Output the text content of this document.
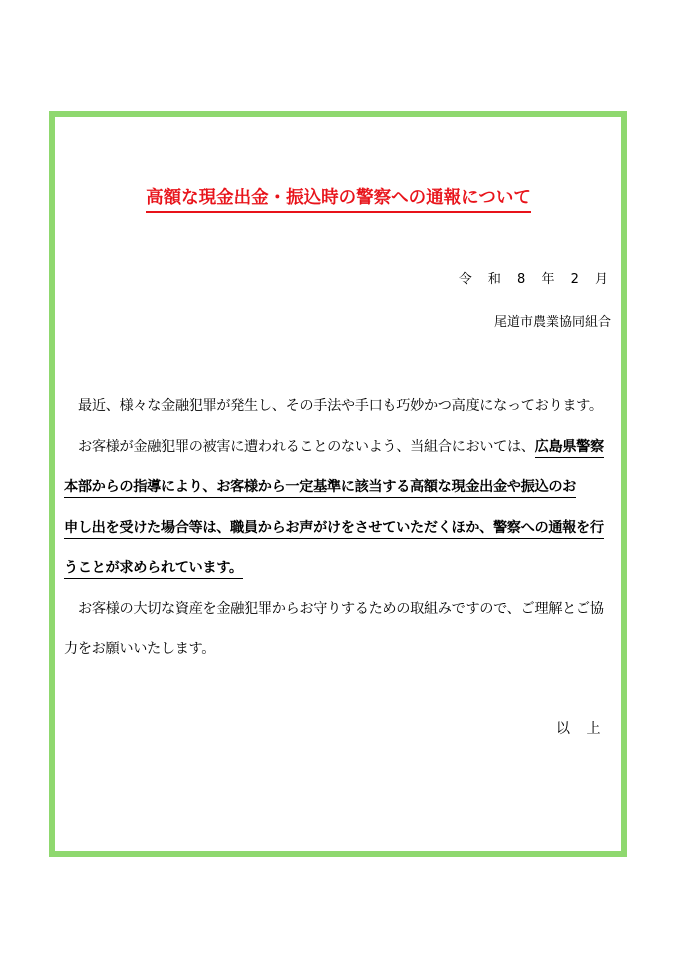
高額な現金出金・振込時の警察への通報について
令 和 8 年 2 月
尾道市農業協同組合

最近、様々な金融犯罪が発生し、その手法や手口も巧妙かつ高度になっております。

お客様が金融犯罪の被害に遭われることのないよう、当組合においては、広島県警察

本部からの指導により、お客様から一定基準に該当する高額な現金出金や振込のお

申し出を受けた場合等は、職員からお声がけをさせていただくほか、警察への通報を行

うことが求められています。

お客様の大切な資産を金融犯罪からお守りするための取組みですので、ご理解とご協

力をお願いいたします。

以 上
